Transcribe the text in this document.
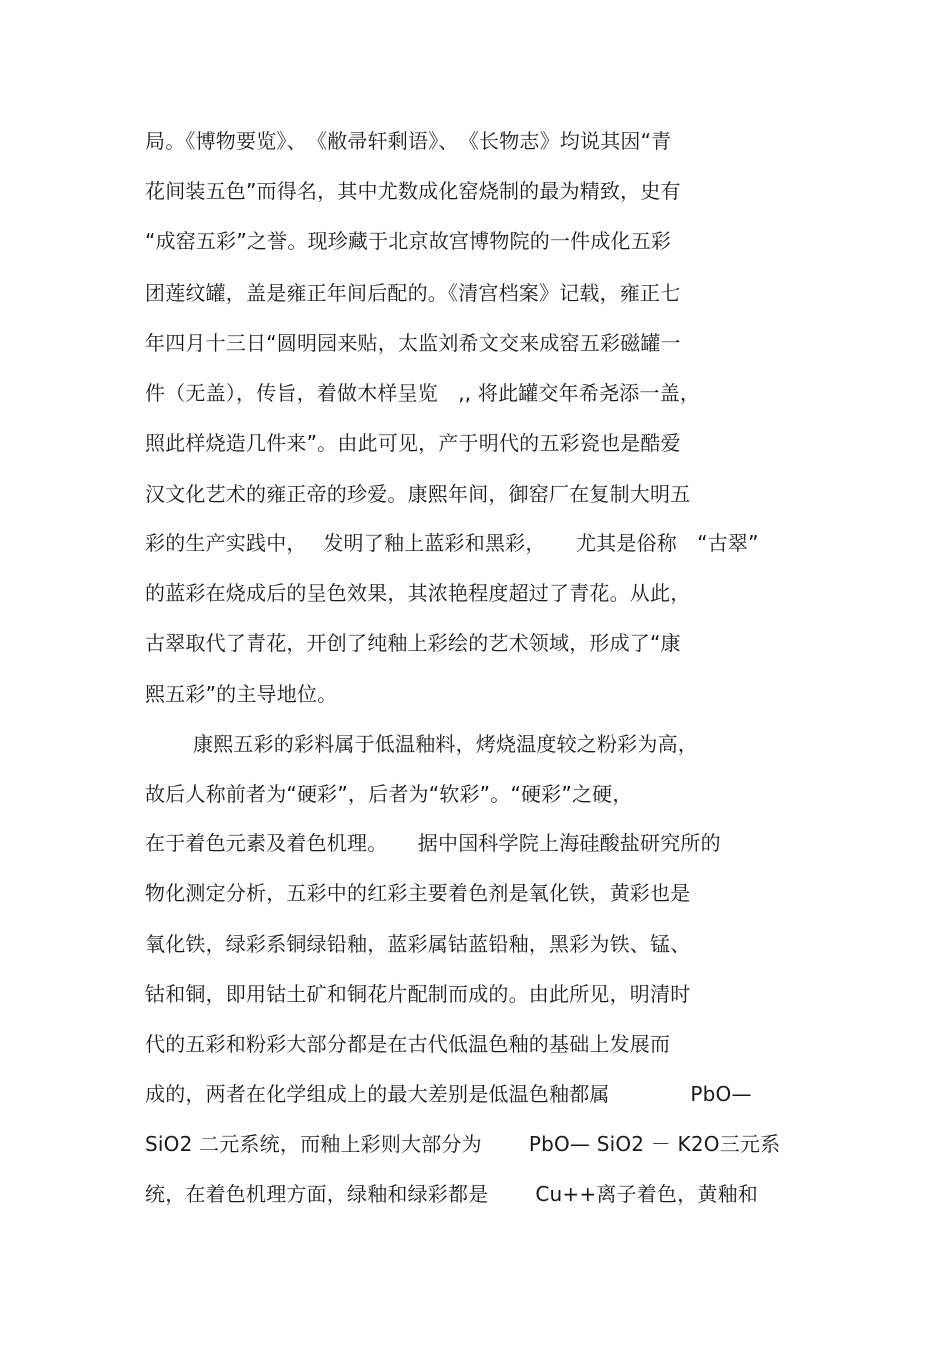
局。《博物要览》、　《敝帚轩剩语》、　《长物志》均说其因“青
花间装五色”而得名，其中尤数成化窑烧制的最为精致，史有
“成窑五彩”之誉。现珍藏于北京故宫博物院的一件成化五彩
团莲纹罐，盖是雍正年间后配的。《清宫档案》记载，雍正七
年四月十三日“圆明园来贴，太监刘希文交来成窑五彩磁罐一
件（无盖），传旨，着做木样呈览　,, 将此罐交年希尧添一盖，
照此样烧造几件来”。由此可见，产于明代的五彩瓷也是酷爱
汉文化艺术的雍正帝的珍爱。康熙年间，御窑厂在复制大明五
彩的生产实践中，　 发明了釉上蓝彩和黑彩，　　尤其是俗称　“古翠”
的蓝彩在烧成后的呈色效果，其浓艳程度超过了青花。从此，
古翠取代了青花，开创了纯釉上彩绘的艺术领域，形成了“康
熙五彩”的主导地位。
康熙五彩的彩料属于低温釉料，烤烧温度较之粉彩为高，
故后人称前者为“硬彩”，后者为“软彩”。“硬彩”之硬，
在于着色元素及着色机理。　　据中国科学院上海硅酸盐研究所的
物化测定分析，五彩中的红彩主要着色剂是氧化铁，黄彩也是
氧化铁，绿彩系铜绿铅釉，蓝彩属钴蓝铅釉，黑彩为铁、锰、
钴和铜，即用钴土矿和铜花片配制而成的。由此所见，明清时
代的五彩和粉彩大部分都是在古代低温色釉的基础上发展而
成的，两者在化学组成上的最大差别是低温色釉都属　　　　PbO—
SiO2 二元系统，而釉上彩则大部分为　　 PbO— SiO2 － K2O三元系
统，在着色机理方面，绿釉和绿彩都是　　 Cu++离子着色，黄釉和
